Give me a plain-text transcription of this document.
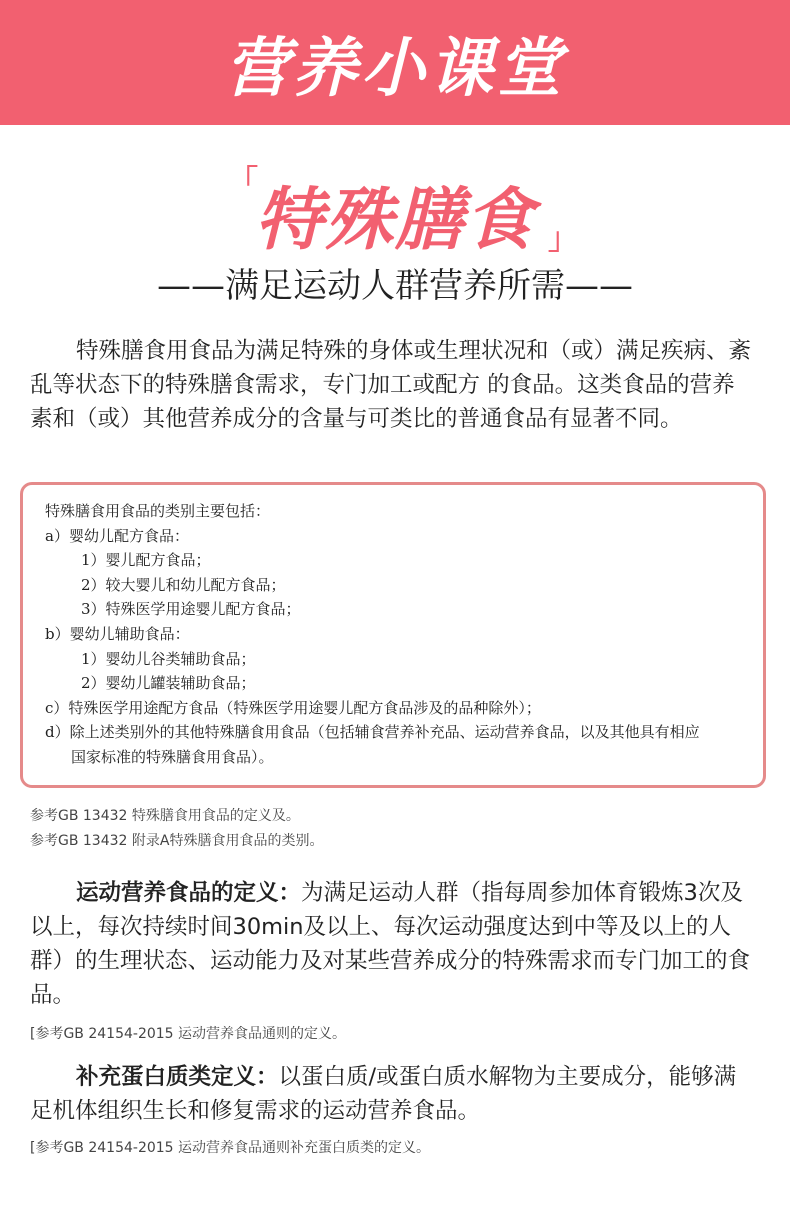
营养小课堂
「
特殊膳食 」
——满足运动人群营养所需——

特殊膳食用食品为满足特殊的身体或生理状况和（或）满足疾病、紊乱等状态下的特殊膳食需求，专门加工或配方 的食品。这类食品的营养素和（或）其他营养成分的含量与可类比的普通食品有显著不同。

特殊膳食用食品的类别主要包括：
a）婴幼儿配方食品：
1）婴儿配方食品；
2）较大婴儿和幼儿配方食品；
3）特殊医学用途婴儿配方食品；
b）婴幼儿辅助食品：
1）婴幼儿谷类辅助食品；
2）婴幼儿罐装辅助食品；
c）特殊医学用途配方食品（特殊医学用途婴儿配方食品涉及的品种除外）；
d）除上述类别外的其他特殊膳食用食品（包括辅食营养补充品、运动营养食品，以及其他具有相应
国家标准的特殊膳食用食品）。
参考GB 13432 特殊膳食用食品的定义及。
参考GB 13432 附录A特殊膳食用食品的类别。

运动营养食品的定义：为满足运动人群（指每周参加体育锻炼3次及以上，每次持续时间30min及以上、每次运动强度达到中等及以上的人群）的生理状态、运动能力及对某些营养成分的特殊需求而专门加工的食品。

[参考GB 24154-2015 运动营养食品通则的定义。

补充蛋白质类定义：以蛋白质/或蛋白质水解物为主要成分，能够满足机体组织生长和修复需求的运动营养食品。

[参考GB 24154-2015 运动营养食品通则补充蛋白质类的定义。
